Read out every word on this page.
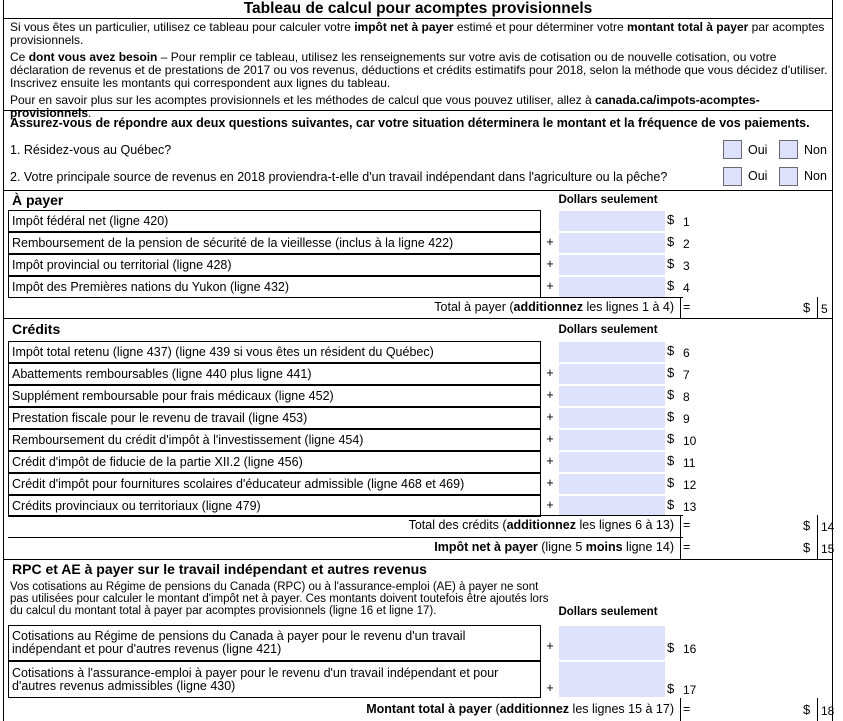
Tableau de calcul pour acomptes provisionnels
Si vous êtes un particulier, utilisez ce tableau pour calculer votre impôt net à payer estimé et pour déterminer votre montant total à payer par acomptes provisionnels.
Ce dont vous avez besoin – Pour remplir ce tableau, utilisez les renseignements sur votre avis de cotisation ou de nouvelle cotisation, ou votre déclaration de revenus et de prestations de 2017 ou vos revenus, déductions et crédits estimatifs pour 2018, selon la méthode que vous décidez d'utiliser. Inscrivez ensuite les montants qui correspondent aux lignes du tableau.
Pour en savoir plus sur les acomptes provisionnels et les méthodes de calcul que vous pouvez utiliser, allez à canada.ca/impots-acomptes-provisionnels.
Assurez-vous de répondre aux deux questions suivantes, car votre situation déterminera le montant et la fréquence de vos paiements.
1. Résidez-vous au Québec?	Oui	Non
2. Votre principale source de revenus en 2018 proviendra-t-elle d'un travail indépendant dans l'agriculture ou la pêche?	Oui	Non
À payer	Dollars seulement
Impôt fédéral net (ligne 420)	$ 1
Remboursement de la pension de sécurité de la vieillesse (inclus à la ligne 422)	+	$ 2
Impôt provincial ou territorial (ligne 428)	+	$ 3
Impôt des Premières nations du Yukon (ligne 432)	+	$ 4
Total à payer (additionnez les lignes 1 à 4) =	$ 5
Crédits	Dollars seulement
Impôt total retenu (ligne 437) (ligne 439 si vous êtes un résident du Québec)	$ 6
Abattements remboursables (ligne 440 plus ligne 441)	+	$ 7
Supplément remboursable pour frais médicaux (ligne 452)	+	$ 8
Prestation fiscale pour le revenu de travail (ligne 453)	+	$ 9
Remboursement du crédit d'impôt à l'investissement (ligne 454)	+	$ 10
Crédit d'impôt de fiducie de la partie XII.2 (ligne 456)	+	$ 11
Crédit d'impôt pour fournitures scolaires d'éducateur admissible (ligne 468 et 469)	+	$ 12
Crédits provinciaux ou territoriaux (ligne 479)	+	$ 13
Total des crédits (additionnez les lignes 6 à 13) =	$ 14
Impôt net à payer (ligne 5 moins ligne 14) =	$ 15
RPC et AE à payer sur le travail indépendant et autres revenus
Vos cotisations au Régime de pensions du Canada (RPC) ou à l'assurance-emploi (AE) à payer ne sont pas utilisées pour calculer le montant d'impôt net à payer. Ces montants doivent toutefois être ajoutés lors du calcul du montant total à payer par acomptes provisionnels (ligne 16 et ligne 17).	Dollars seulement
Cotisations au Régime de pensions du Canada à payer pour le revenu d'un travail
indépendant et pour d'autres revenus (ligne 421)	+	$ 16
Cotisations à l'assurance-emploi à payer pour le revenu d'un travail indépendant et pour
d'autres revenus admissibles (ligne 430)	+	$ 17
Montant total à payer (additionnez les lignes 15 à 17) =	$ 18
